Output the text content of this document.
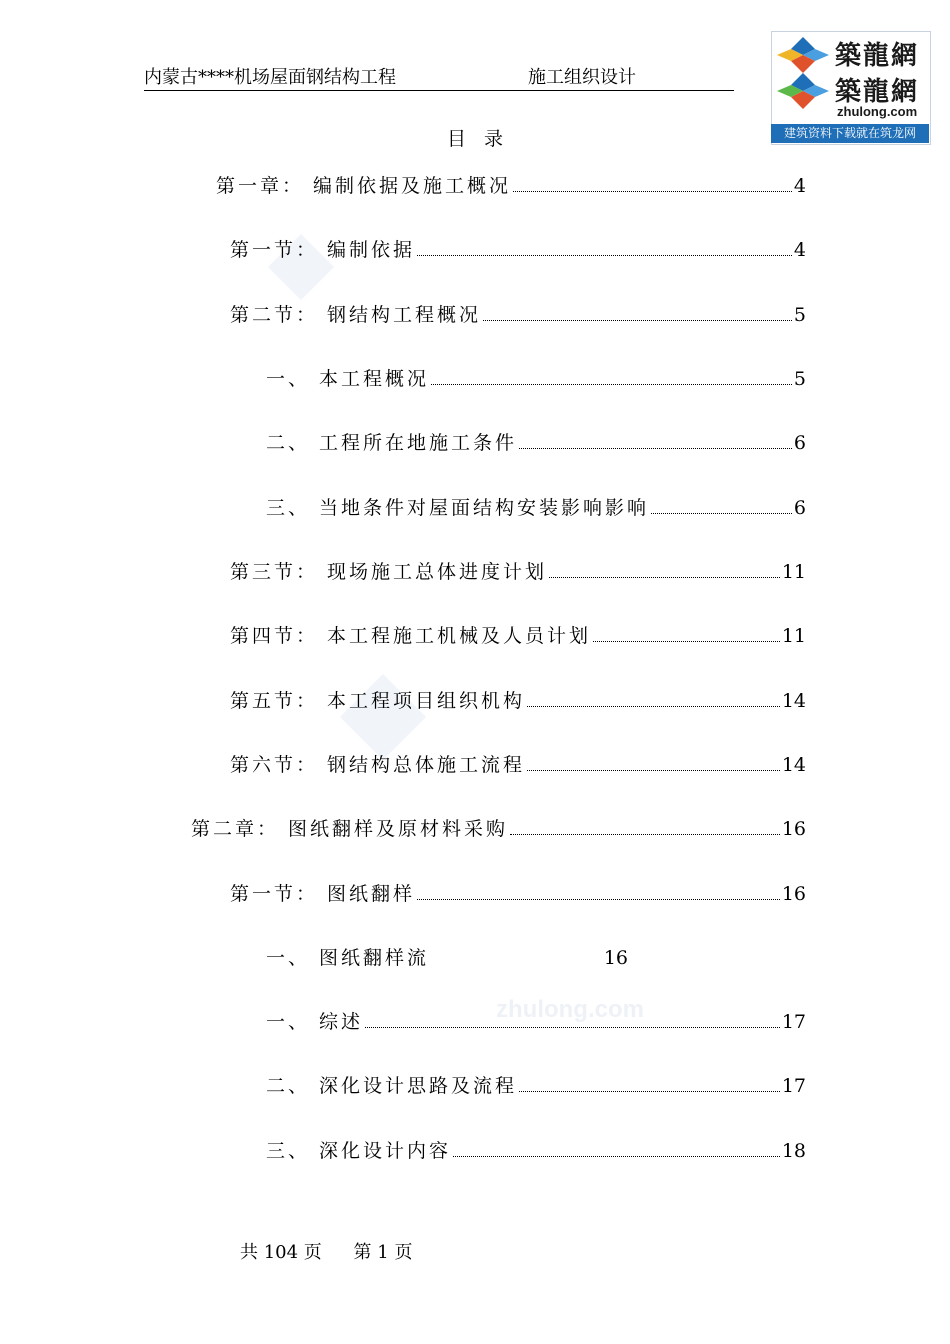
zhulong.com
内蒙古****机场屋面钢结构工程	施工组织设计
築龍網
築龍網
zhulong.com
建筑资料下载就在筑龙网
目录
第一章： 编制依据及施工概况	4
第一节： 编制依据	4
第二节： 钢结构工程概况	5
一、 本工程概况	5
二、 工程所在地施工条件	6
三、 当地条件对屋面结构安装影响影响	6
第三节： 现场施工总体进度计划	11
第四节： 本工程施工机械及人员计划	11
第五节： 本工程项目组织机构	14
第六节： 钢结构总体施工流程	14
第二章： 图纸翻样及原材料采购	16
第一节： 图纸翻样	16
一、 图纸翻样流	16
一、 综述	17
二、 深化设计思路及流程	17
三、 深化设计内容	18
共 104 页 第 1 页
